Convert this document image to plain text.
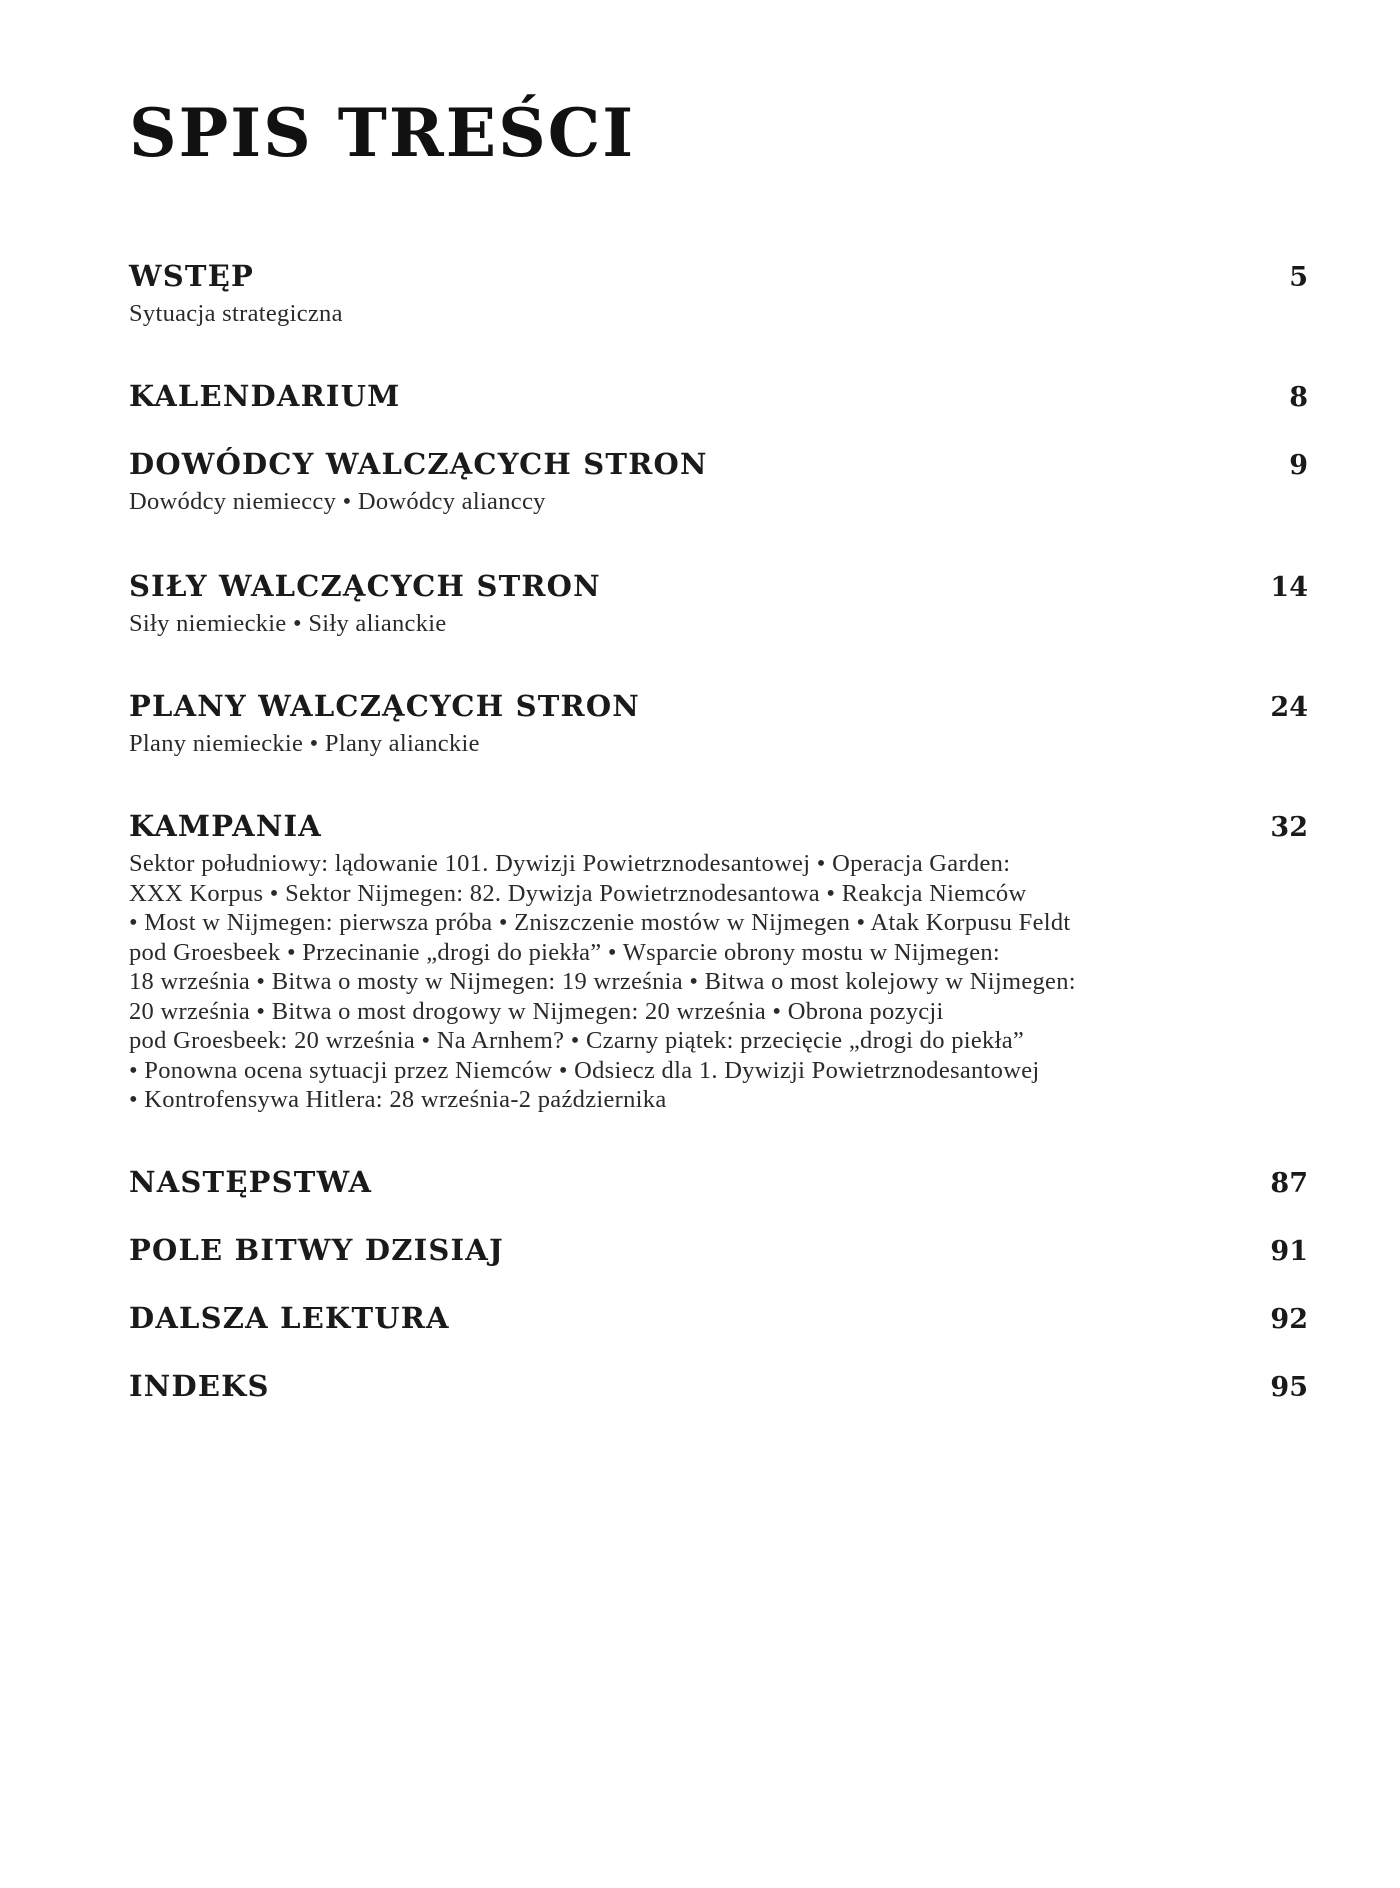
SPIS TREŚCI
WSTĘP	5
Sytuacja strategiczna
KALENDARIUM	8
DOWÓDCY WALCZĄCYCH STRON	9
Dowódcy niemieccy • Dowódcy alianccy
SIŁY WALCZĄCYCH STRON	14
Siły niemieckie • Siły alianckie
PLANY WALCZĄCYCH STRON	24
Plany niemieckie • Plany alianckie
KAMPANIA	32
Sektor południowy: lądowanie 101. Dywizji Powietrznodesantowej • Operacja Garden:
XXX Korpus • Sektor Nijmegen: 82. Dywizja Powietrznodesantowa • Reakcja Niemców
• Most w Nijmegen: pierwsza próba • Zniszczenie mostów w Nijmegen • Atak Korpusu Feldt
pod Groesbeek • Przecinanie „drogi do piekła” • Wsparcie obrony mostu w Nijmegen:
18 września • Bitwa o mosty w Nijmegen: 19 września • Bitwa o most kolejowy w Nijmegen:
20 września • Bitwa o most drogowy w Nijmegen: 20 września • Obrona pozycji
pod Groesbeek: 20 września • Na Arnhem? • Czarny piątek: przecięcie „drogi do piekła”
• Ponowna ocena sytuacji przez Niemców • Odsiecz dla 1. Dywizji Powietrznodesantowej
• Kontrofensywa Hitlera: 28 września-2 października
NASTĘPSTWA	87
POLE BITWY DZISIAJ	91
DALSZA LEKTURA	92
INDEKS	95
